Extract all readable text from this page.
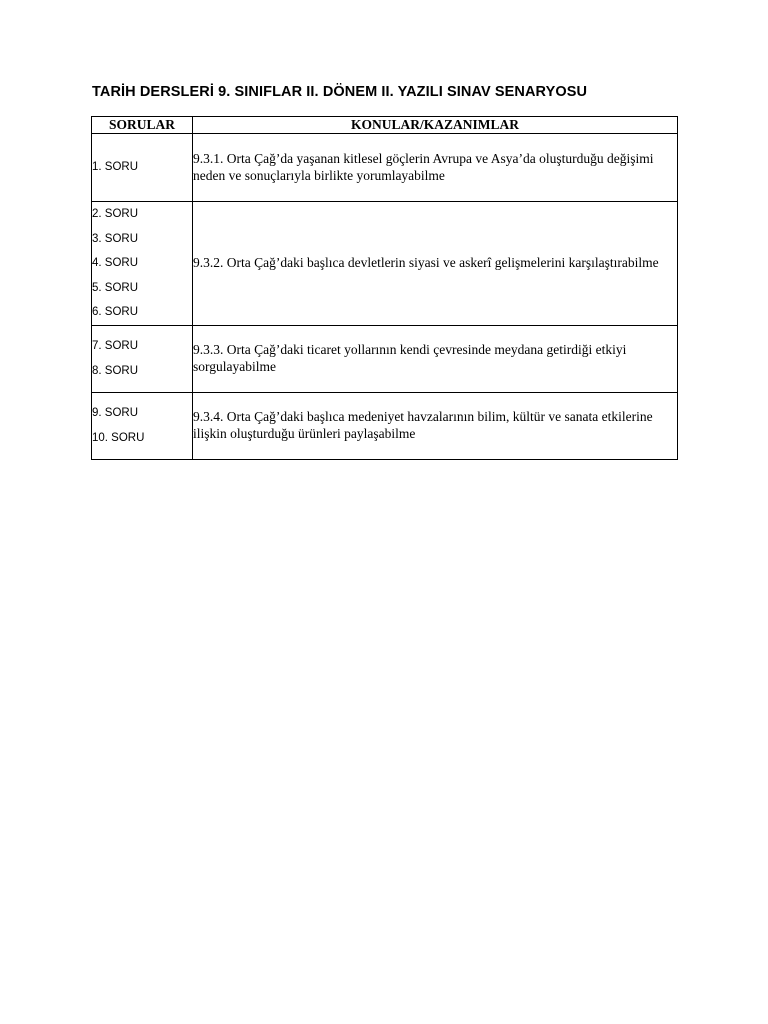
TARİH DERSLERİ 9. SINIFLAR II. DÖNEM II. YAZILI SINAV SENARYOSU
SORULAR	KONULAR/KAZANIMLAR

1. SORU	9.3.1. Orta Çağ’da yaşanan kitlesel göçlerin Avrupa ve Asya’da oluşturduğu değişimi neden ve sonuçlarıyla birlikte yorumlayabilme

2. SORU
3. SORU
4. SORU
5. SORU
6. SORU	9.3.2. Orta Çağ’daki başlıca devletlerin siyasi ve askerî gelişmelerini karşılaştırabilme

7. SORU
8. SORU	9.3.3. Orta Çağ’daki ticaret yollarının kendi çevresinde meydana getirdiği etkiyi sorgulayabilme

9. SORU
10. SORU	9.3.4. Orta Çağ’daki başlıca medeniyet havzalarının bilim, kültür ve sanata etkilerine ilişkin oluşturduğu ürünleri paylaşabilme
